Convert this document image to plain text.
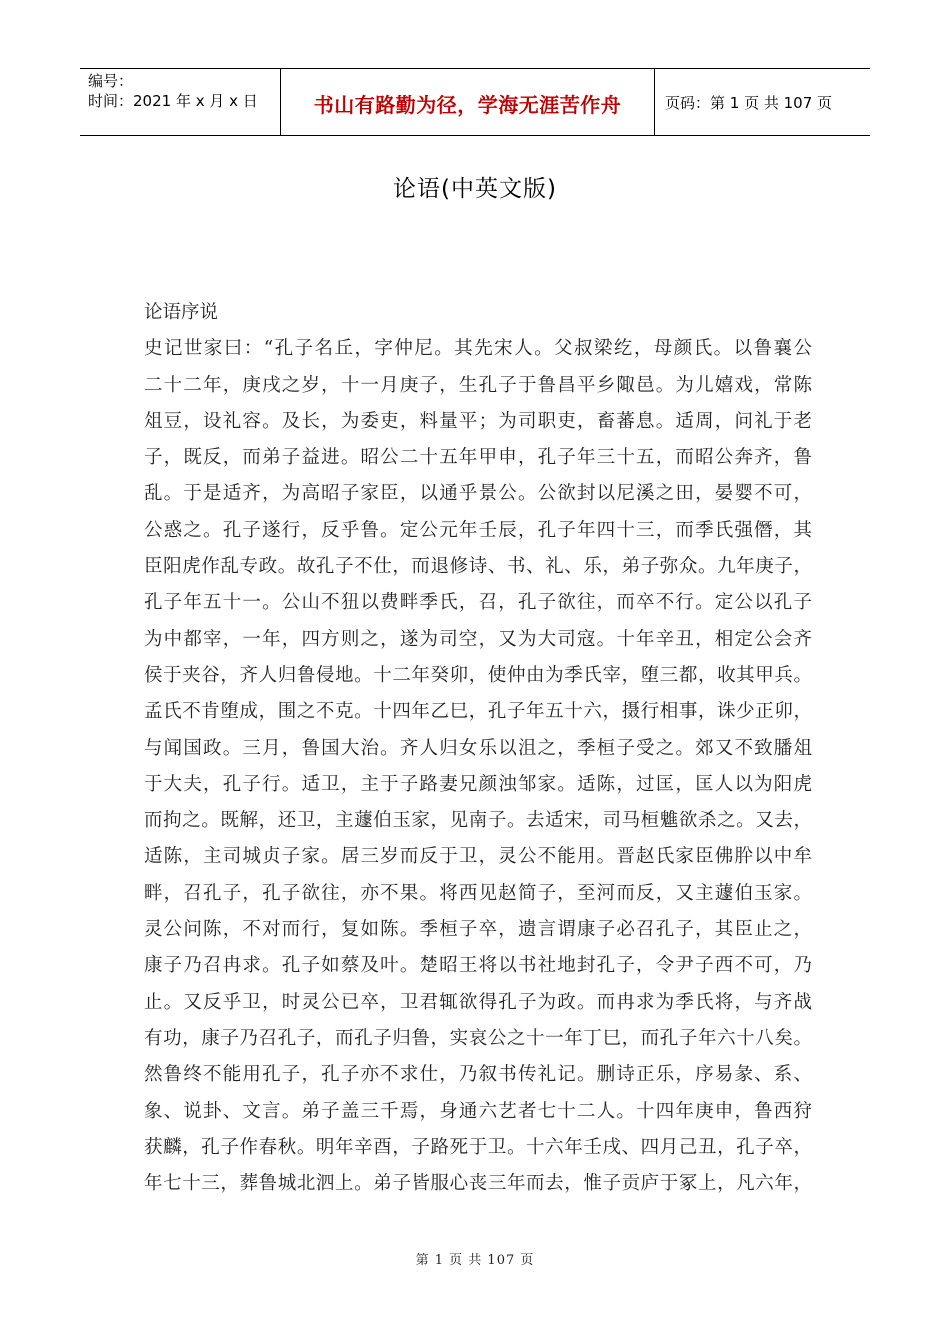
编号：
时间：2021 年 x 月 x 日	书山有路勤为径，学海无涯苦作舟	页码：第 1 页 共 107 页
论语(中英文版)
论语序说
史记世家曰：“孔子名丘，字仲尼。其先宋人。父叔梁纥，母颜氏。以鲁襄公
二十二年，庚戌之岁，十一月庚子，生孔子于鲁昌平乡陬邑。为儿嬉戏，常陈
俎豆，设礼容。及长，为委吏，料量平；为司职吏，畜蕃息。适周，问礼于老
子，既反，而弟子益进。昭公二十五年甲申，孔子年三十五，而昭公奔齐，鲁
乱。于是适齐，为高昭子家臣，以通乎景公。公欲封以尼溪之田，晏婴不可，
公惑之。孔子遂行，反乎鲁。定公元年壬辰，孔子年四十三，而季氏强僭，其
臣阳虎作乱专政。故孔子不仕，而退修诗、书、礼、乐，弟子弥众。九年庚子，
孔子年五十一。公山不狃以费畔季氏，召，孔子欲往，而卒不行。定公以孔子
为中都宰，一年，四方则之，遂为司空，又为大司寇。十年辛丑，相定公会齐
侯于夹谷，齐人归鲁侵地。十二年癸卯，使仲由为季氏宰，堕三都，收其甲兵。
孟氏不肯堕成，围之不克。十四年乙巳，孔子年五十六，摄行相事，诛少正卯，
与闻国政。三月，鲁国大治。齐人归女乐以沮之，季桓子受之。郊又不致膰俎
于大夫，孔子行。适卫，主于子路妻兄颜浊邹家。适陈，过匡，匡人以为阳虎
而拘之。既解，还卫，主蘧伯玉家，见南子。去适宋，司马桓魋欲杀之。又去，
适陈，主司城贞子家。居三岁而反于卫，灵公不能用。晋赵氏家臣佛肸以中牟
畔，召孔子，孔子欲往，亦不果。将西见赵简子，至河而反，又主蘧伯玉家。
灵公问陈，不对而行，复如陈。季桓子卒，遗言谓康子必召孔子，其臣止之，
康子乃召冉求。孔子如蔡及叶。楚昭王将以书社地封孔子，令尹子西不可，乃
止。又反乎卫，时灵公已卒，卫君辄欲得孔子为政。而冉求为季氏将，与齐战
有功，康子乃召孔子，而孔子归鲁，实哀公之十一年丁巳，而孔子年六十八矣。
然鲁终不能用孔子，孔子亦不求仕，乃叙书传礼记。删诗正乐，序易彖、系、
象、说卦、文言。弟子盖三千焉，身通六艺者七十二人。十四年庚申，鲁西狩
获麟，孔子作春秋。明年辛酉，子路死于卫。十六年壬戌、四月己丑，孔子卒，
年七十三，葬鲁城北泗上。弟子皆服心丧三年而去，惟子贡庐于冢上，凡六年，
第 1 页 共 107 页
